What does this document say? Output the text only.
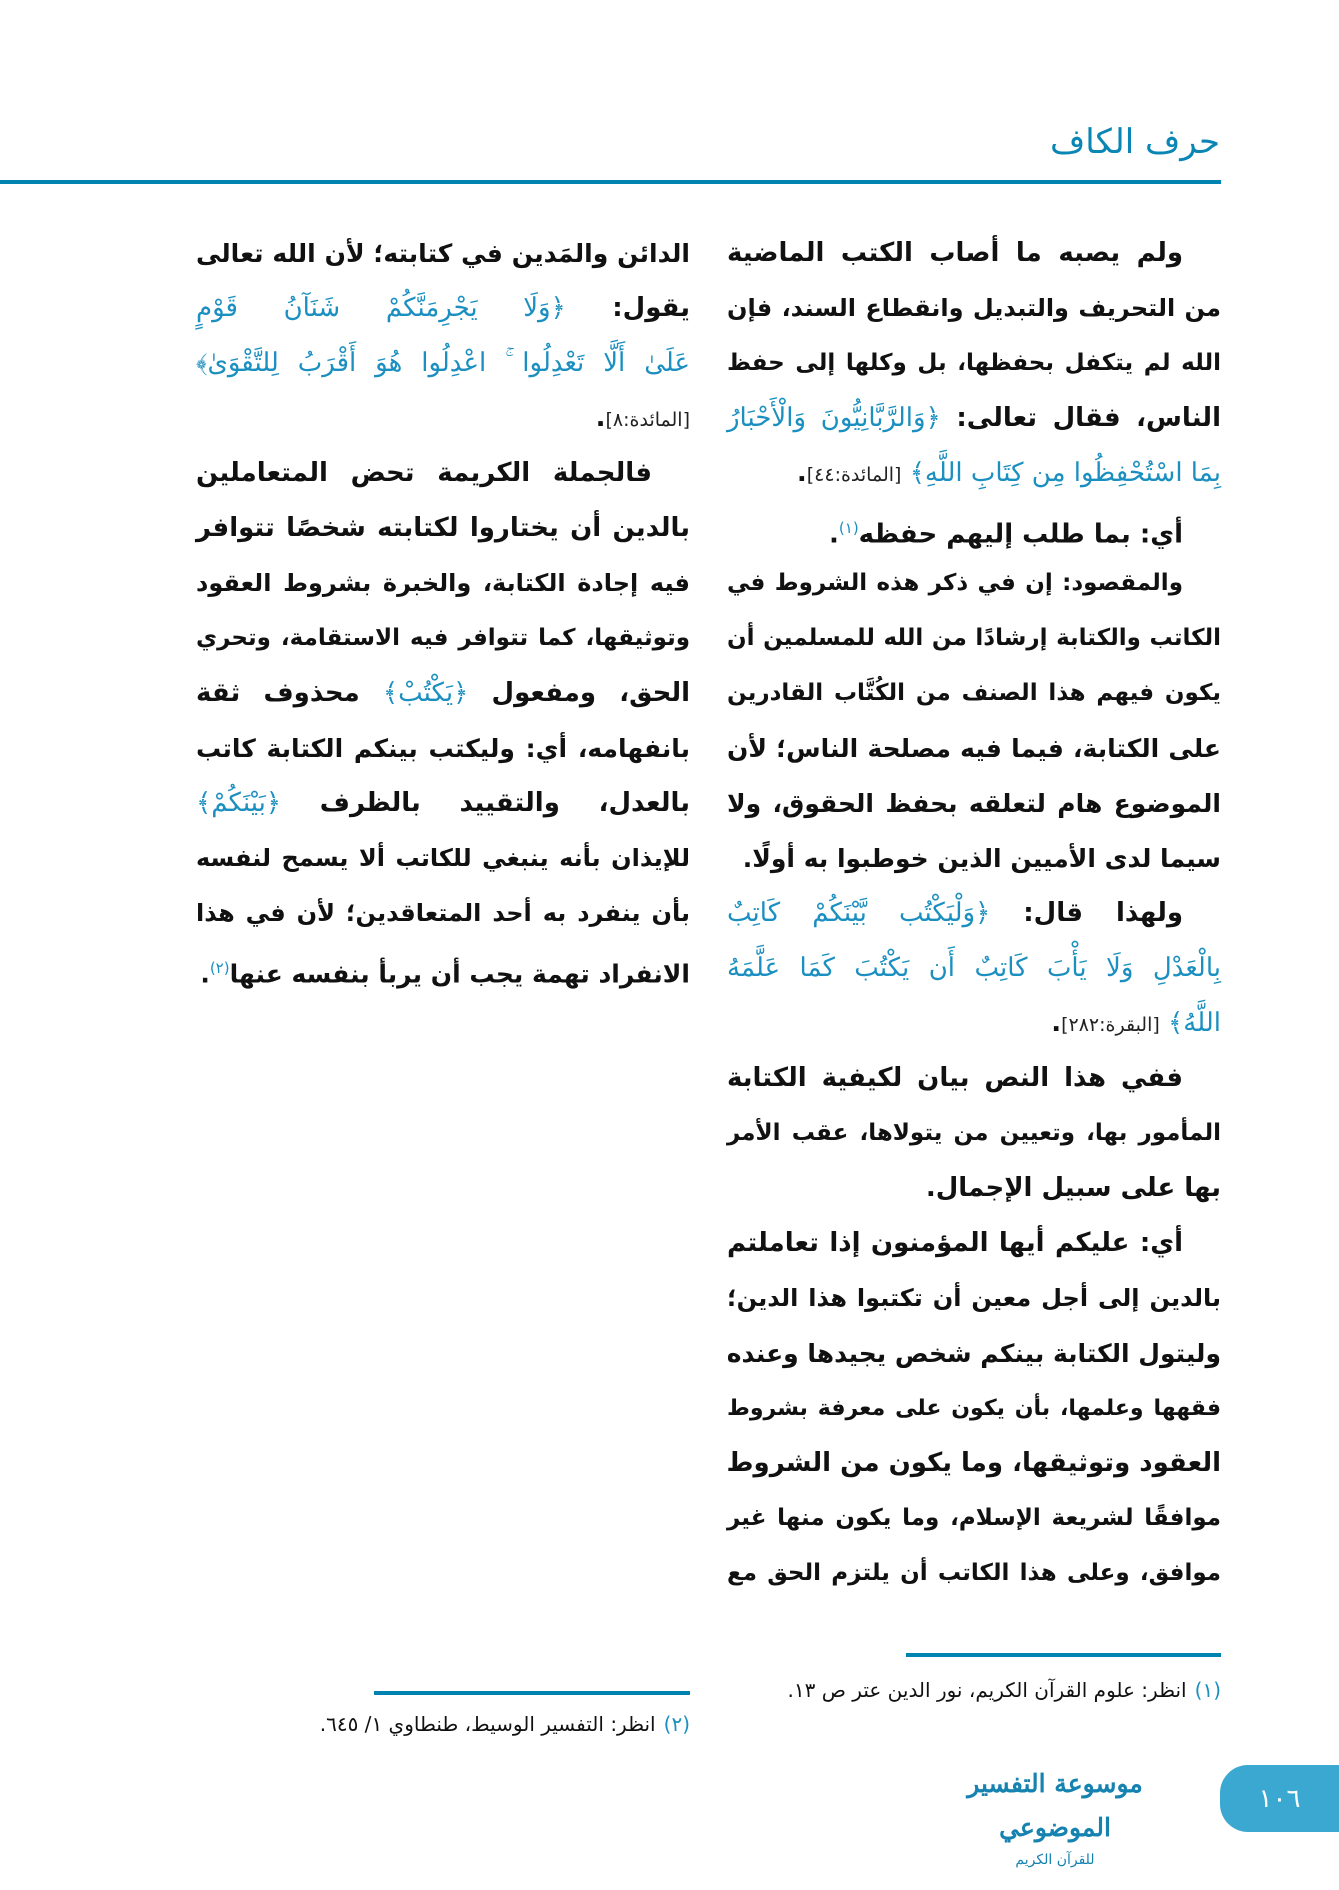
حرف الكاف
ولم يصبه ما أصاب الكتب الماضية
من التحريف والتبديل وانقطاع السند، فإن
الله لم يتكفل بحفظها، بل وكلها إلى حفظ
الناس، فقال تعالى: ﴿وَالرَّبَّانِيُّونَ وَالْأَحْبَارُ
بِمَا اسْتُحْفِظُوا مِن كِتَابِ اللَّهِ﴾ [المائدة:٤٤].
أي: بما طلب إليهم حفظه$^{(١)}$.
والمقصود: إن في ذكر هذه الشروط في
الكاتب والكتابة إرشادًا من الله للمسلمين أن
يكون فيهم هذا الصنف من الكُتَّاب القادرين
على الكتابة، فيما فيه مصلحة الناس؛ لأن
الموضوع هام لتعلقه بحفظ الحقوق، ولا
سيما لدى الأميين الذين خوطبوا به أولًا.
ولهذا قال: ﴿وَلْيَكْتُب بَّيْنَكُمْ كَاتِبٌ
بِالْعَدْلِ وَلَا يَأْبَ كَاتِبٌ أَن يَكْتُبَ كَمَا عَلَّمَهُ
اللَّهُ﴾ [البقرة:٢٨٢].
ففي هذا النص بيان لكيفية الكتابة
المأمور بها، وتعيين من يتولاها، عقب الأمر
بها على سبيل الإجمال.
أي: عليكم أيها المؤمنون إذا تعاملتم
بالدين إلى أجل معين أن تكتبوا هذا الدين؛
وليتول الكتابة بينكم شخص يجيدها وعنده
فقهها وعلمها، بأن يكون على معرفة بشروط
العقود وتوثيقها، وما يكون من الشروط
موافقًا لشريعة الإسلام، وما يكون منها غير
موافق، وعلى هذا الكاتب أن يلتزم الحق مع
الدائن والمَدين في كتابته؛ لأن الله تعالى
يقول: ﴿وَلَا يَجْرِمَنَّكُمْ شَنَآنُ قَوْمٍ
عَلَىٰ أَلَّا تَعْدِلُوا ۚ اعْدِلُوا هُوَ أَقْرَبُ لِلتَّقْوَىٰ﴾
[المائدة:٨].
فالجملة الكريمة تحض المتعاملين
بالدين أن يختاروا لكتابته شخصًا تتوافر
فيه إجادة الكتابة، والخبرة بشروط العقود
وتوثيقها، كما تتوافر فيه الاستقامة، وتحري
الحق، ومفعول ﴿يَكْتُبْ﴾ محذوف ثقة
بانفهامه، أي: وليكتب بينكم الكتابة كاتب
بالعدل، والتقييد بالظرف ﴿بَيْنَكُمْ﴾
للإيذان بأنه ينبغي للكاتب ألا يسمح لنفسه
بأن ينفرد به أحد المتعاقدين؛ لأن في هذا
الانفراد تهمة يجب أن يربأ بنفسه عنها$^{(٢)}$.
(١)انظر: علوم القرآن الكريم، نور الدين عتر ص ١٣.
(٢)انظر: التفسير الوسيط، طنطاوي ١/ ٦٤٥.
موسوعة التفسير الموضوعي
للقرآن الكريم
١٠٦
